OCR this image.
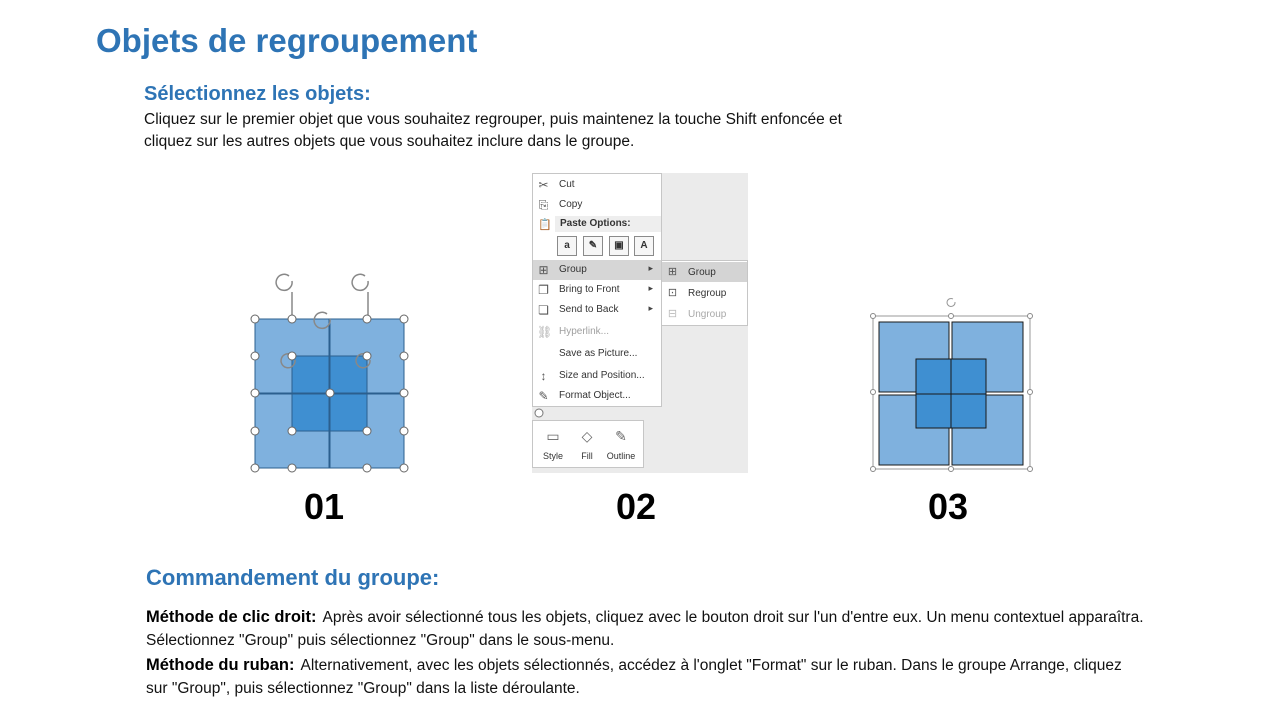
Objets de regroupement
Sélectionnez les objets:
Cliquez sur le premier objet que vous souhaitez regrouper, puis maintenez la touche Shift enfoncée et cliquez sur les autres objets que vous souhaitez inclure dans le groupe.
✂ Cut
⎘ Copy
📋 Paste Options:
a	✎	▣	A
⊞ Group	▸
❐ Bring to Front	▸
❏ Send to Back	▸
⛓ Hyperlink...
Save as Picture...
↕	Size and Position...
✎ Format Object...
⊞ Group
⊡ Regroup
⊟ Ungroup
▭
Style
◇
Fill
✎
Outline
01	02	03
Commandement du groupe:
Méthode de clic droit: Après avoir sélectionné tous les objets, cliquez avec le bouton droit sur l'un d'entre eux. Un menu contextuel apparaîtra. Sélectionnez "Group" puis sélectionnez "Group" dans le sous-menu.
Méthode du ruban: Alternativement, avec les objets sélectionnés, accédez à l'onglet "Format" sur le ruban. Dans le groupe Arrange, cliquez sur "Group", puis sélectionnez "Group" dans la liste déroulante.
